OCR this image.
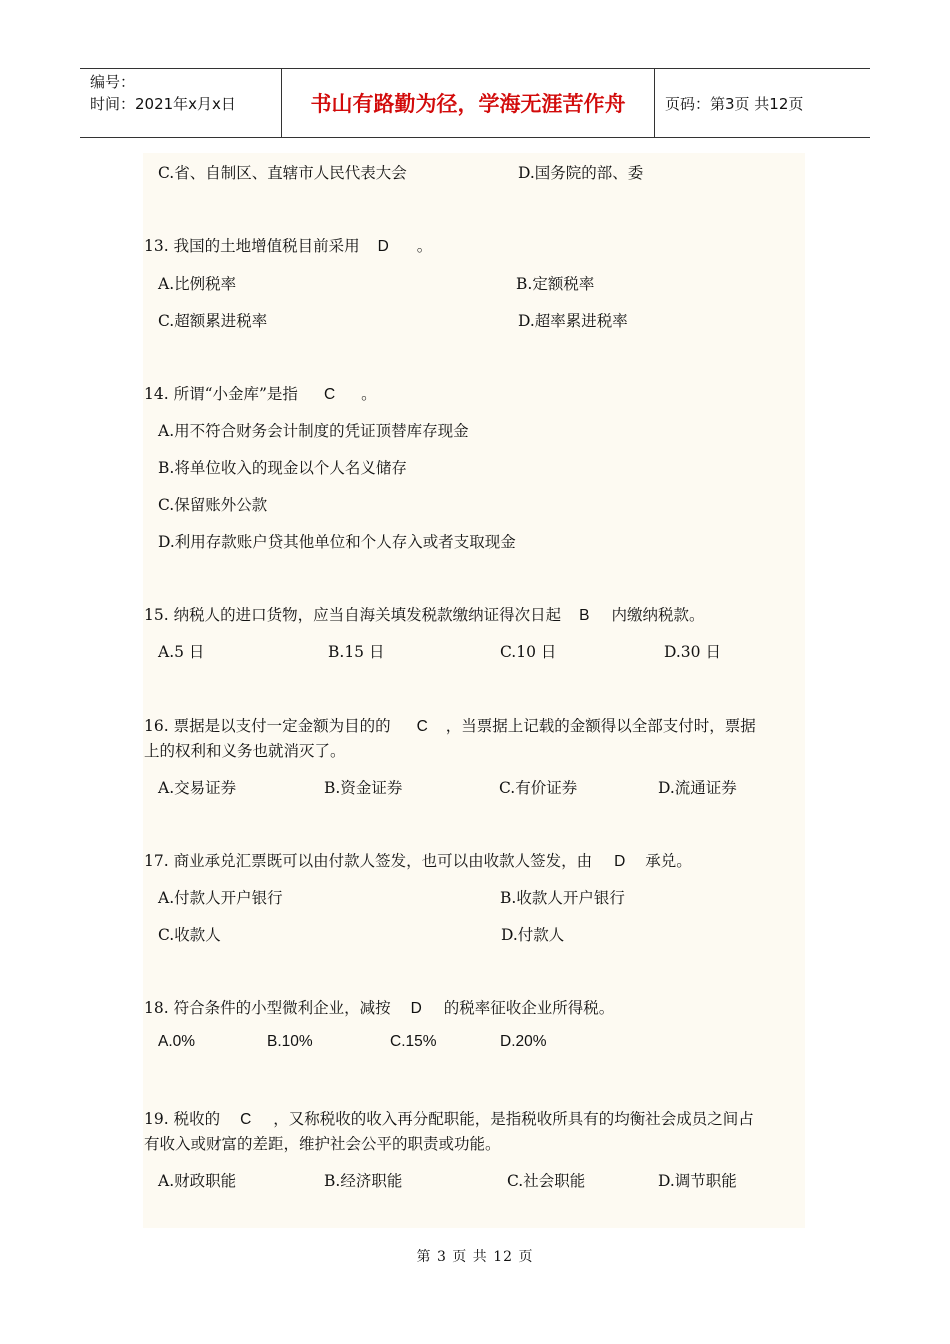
编号：
时间：2021年x月x日	书山有路勤为径，学海无涯苦作舟	页码：第3页 共12页
C.省、自制区、直辖市人民代表大会	D.国务院的部、委
13. 我国的土地增值税目前采用 D 。
A.比例税率	B.定额税率
C.超额累进税率	D.超率累进税率
14. 所谓“小金库”是指 C 。
A.用不符合财务会计制度的凭证顶替库存现金
B.将单位收入的现金以个人名义储存
C.保留账外公款
D.利用存款账户贷其他单位和个人存入或者支取现金
15. 纳税人的进口货物，应当自海关填发税款缴纳证得次日起 B 内缴纳税款。
A.5 日	B.15 日	C.10 日	D.30 日
16. 票据是以支付一定金额为目的的 C ，当票据上记载的金额得以全部支付时，票据
上的权利和义务也就消灭了。
A.交易证券	B.资金证券	C.有价证券	D.流通证券
17. 商业承兑汇票既可以由付款人签发，也可以由收款人签发，由 D 承兑。
A.付款人开户银行	B.收款人开户银行
C.收款人	D.付款人
18. 符合条件的小型微利企业，减按 D 的税率征收企业所得税。
A.0%	B.10%	C.15%	D.20%
19. 税收的 C ，又称税收的收入再分配职能，是指税收所具有的均衡社会成员之间占
有收入或财富的差距，维护社会公平的职责或功能。
A.财政职能	B.经济职能	C.社会职能	D.调节职能
第 3 页 共 12 页
